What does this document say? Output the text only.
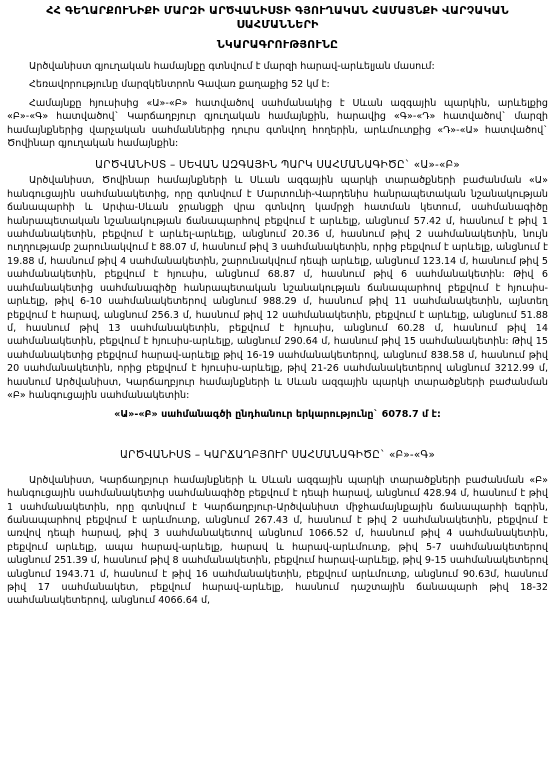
ՀՀ ԳԵՂԱՐՔՈՒՆԻՔԻ ՄԱՐԶԻ ԱՐԾՎԱՆԻՍՏԻ ԳՅՈՒՂԱԿԱՆ ՀԱՄԱՅՆՔԻ ՎԱՐՉԱԿԱՆ ՍԱՀՄԱՆՆԵՐԻ
ՆԿԱՐԱԳՐՈՒԹՅՈՒՆԸ

Արծվանիստ գյուղական համայնքը գտնվում է մարզի հարավ-արևելյան մասում:

Հեռավորությունը մարզկենտրոն Գավառ քաղաքից 52 կմ է:

Համայնքը հյուսիսից «Ա»-«Բ» հատվածով սահմանակից է Սևան ազգային պարկին, արևելքից «Բ»-«Գ» հատվածով` Կարճաղբյուր գյուղական համայնքին, հարավից «Գ»-«Դ» հատվածով` մարզի համայնքներից վարչական սահմաններից դուրս գտնվող հողերին, արևմուտքից «Դ»-«Ա» հատվածով` Ծովինար գյուղական համայնքին:

ԱՐԾՎԱՆԻՍՏ – ՍԵՎԱՆ ԱԶԳԱՅԻՆ ՊԱՐԿ ՍԱՀՄԱՆԱԳԻԾԸ` «Ա»-«Բ»

Արծվանիստ, Ծովինար համայնքների և Սևան ազգային պարկի տարածքների բաժանման «Ա» հանգուցային սահմանակետից, որը գտնվում է Մարտունի-Վարդենիս հանրապետական նշանակության ճանապարհի և Արփա-Սևան ջրանցքի վրա գտնվող կամրջի հատման կետում, սահմանագիծը հանրապետական նշանակության ճանապարհով բեքվում է արևելք, անցնում 57.42 մ, հասնում է թիվ 1 սահմանակետին, բեքվում է արևել-արևելք, անցնում 20.36 մ, հասնում թիվ 2 սահմանակետին, նույն ուղղությամբ շարունակվում է 88.07 մ, հասնում թիվ 3 սահմանակետին, որից բեքվում է արևելք, անցնում է 19.88 մ, հասնում թիվ 4 սահմանակետին, շարունակվում դեպի արևելք, անցնում 123.14 մ, հասնում թիվ 5 սահմանակետին, բեքվում է հյուսիս, անցնում 68.87 մ, հասնում թիվ 6 սահմանակետին: Թիվ 6 սահմանակետից սահմանագիծը հանրապետական նշանակության ճանապարհով բեքվում է հյուսիս-արևելք, թիվ 6-10 սահմանակետերով անցնում 988.29 մ, հասնում թիվ 11 սահմանակետին, այնտեղ բեքվում է հարավ, անցնում 256.3 մ, հասնում թիվ 12 սահմանակետին, բեքվում է արևելք, անցնում 51.88 մ, հասնում թիվ 13 սահմանակետին, բեքվում է հյուսիս, անցնում 60.28 մ, հասնում թիվ 14 սահմանակետին, բեքվում է հյուսիս-արևելք, անցնում 290.64 մ, հասնում թիվ 15 սահմանակետին: Թիվ 15 սահմանակետից բեքվում հարավ-արևելք թիվ 16-19 սահմանակետերով, անցնում 838.58 մ, հասնում թիվ 20 սահմանակետին, որից բեքվում է հյուսիս-արևելք, թիվ 21-26 սահմանակետերով անցնում 3212.99 մ, հասնում Արծվանիստ, Կարճաղբյուր համայնքների և Սևան ազգային պարկի տարածքների բաժանման «Բ» հանգուցային սահմանակետին:

«Ա»-«Բ» սահմանագծի ընդհանուր երկարությունը` 6078.7 մ է:

ԱՐԾՎԱՆԻՍՏ – ԿԱՐՃԱՂԲՅՈՒՐ ՍԱՀՄԱՆԱԳԻԾԸ` «Բ»-«Գ»

Արծվանիստ, Կարճաղբյուր համայնքների և Սևան ազգային պարկի տարածքների բաժանման «Բ» հանգուցային սահմանակետից սահմանագիծը բեքվում է դեպի հարավ, անցնում 428.94 մ, հասնում է թիվ 1 սահմանակետին, որը գտնվում է Կարճաղբյուր-Արծվանիստ միջհամայնքային ճանապարհի եզրին, ճանապարհով բեքվում է արևմուտք, անցնում 267.43 մ, հասնում է թիվ 2 սահմանակետին, բեքվում է առվով դեպի հարավ, թիվ 3 սահմանակետով անցնում 1066.52 մ, հասնում թիվ 4 սահմանակետին, բեքվում արևելք, ապա հարավ-արևելք, հարավ և հարավ-արևմուտք, թիվ 5-7 սահմանակետերով անցնում 251.39 մ, հասնում թիվ 8 սահմանակետին, բեքվում հարավ-արևելք, թիվ 9-15 սահմանակետերով անցնում 1943.71 մ, հասնում է թիվ 16 սահմանակետին, բեքվում արևմուտք, անցնում 90.63մ, հասնում թիվ 17 սահմանակետ, բեքվում հարավ-արևելք, հասնում դաշտային ճանապարհ թիվ 18-32 սահմանակետերով, անցնում 4066.64 մ,
